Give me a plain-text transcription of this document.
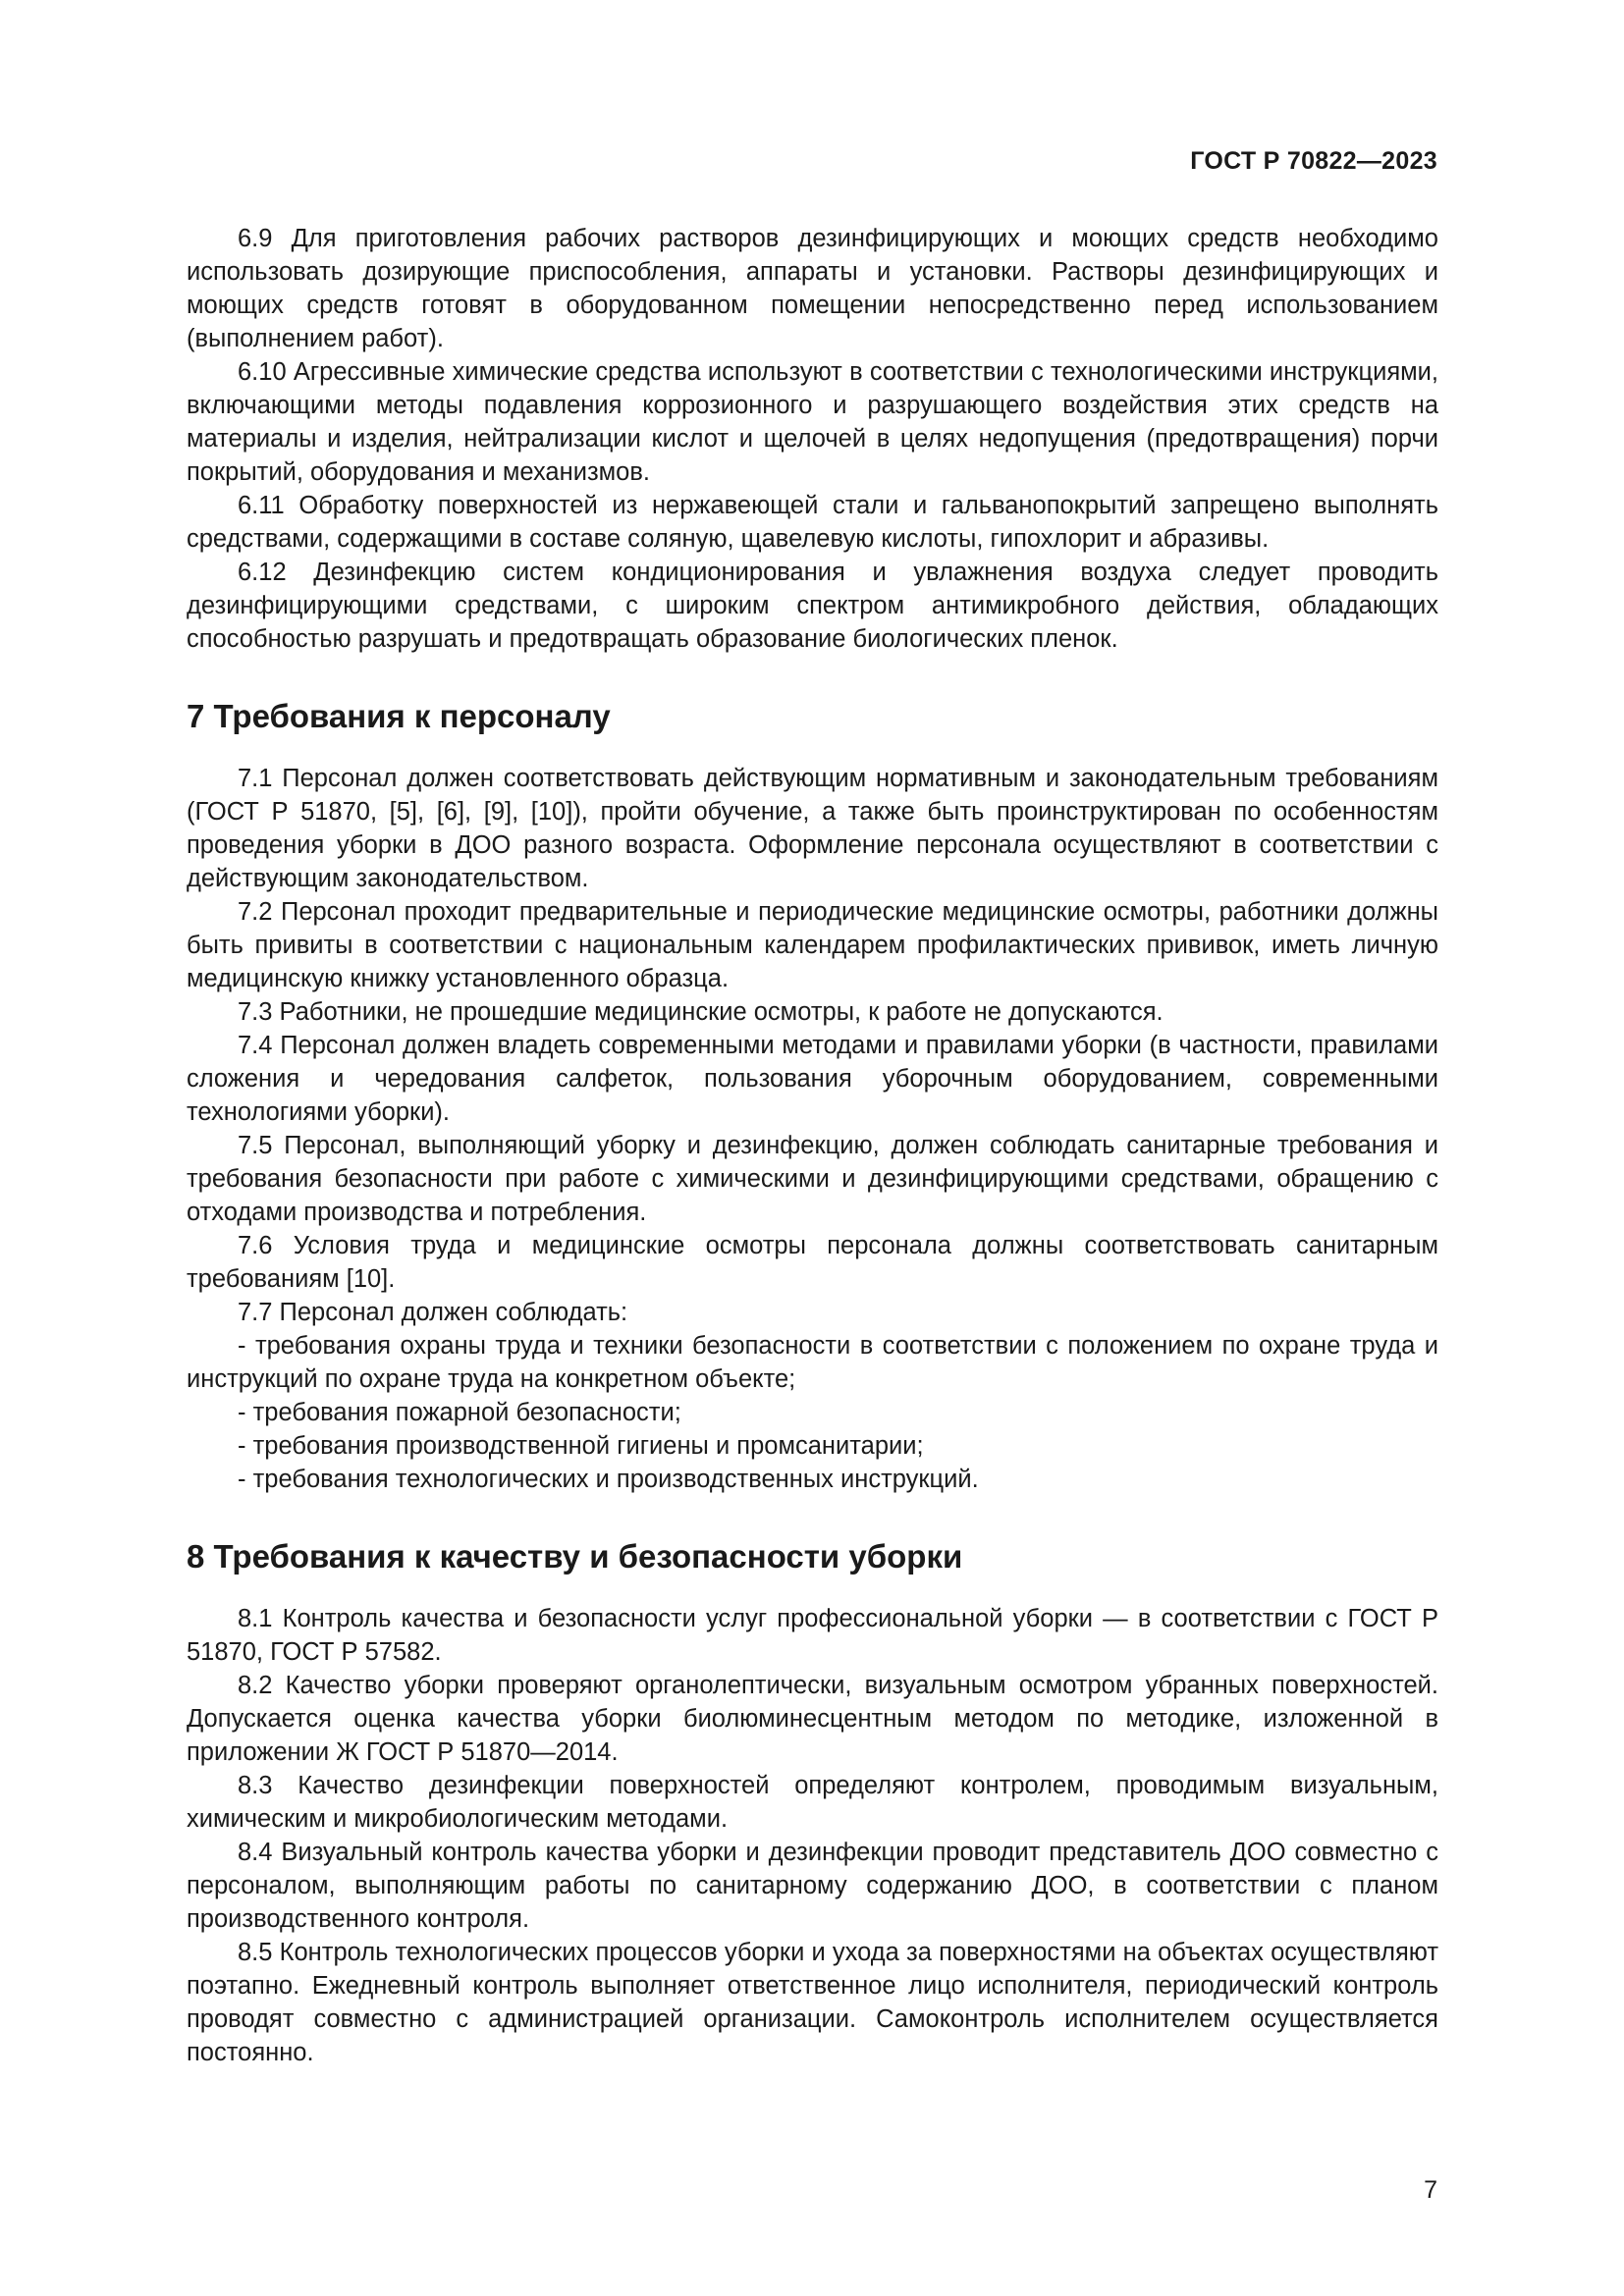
ГОСТ Р 70822—2023

6.9 Для приготовления рабочих растворов дезинфицирующих и моющих средств необходимо использовать дозирующие приспособления, аппараты и установки. Растворы дезинфицирующих и моющих средств готовят в оборудованном помещении непосредственно перед использованием (выполнением работ).

6.10 Агрессивные химические средства используют в соответствии с технологическими инструкциями, включающими методы подавления коррозионного и разрушающего воздействия этих средств на материалы и изделия, нейтрализации кислот и щелочей в целях недопущения (предотвращения) порчи покрытий, оборудования и механизмов.

6.11 Обработку поверхностей из нержавеющей стали и гальванопокрытий запрещено выполнять средствами, содержащими в составе соляную, щавелевую кислоты, гипохлорит и абразивы.

6.12 Дезинфекцию систем кондиционирования и увлажнения воздуха следует проводить дезинфицирующими средствами, с широким спектром антимикробного действия, обладающих способностью разрушать и предотвращать образование биологических пленок.

7 Требования к персоналу

7.1 Персонал должен соответствовать действующим нормативным и законодательным требованиям (ГОСТ Р 51870, [5], [6], [9], [10]), пройти обучение, а также быть проинструктирован по особенностям проведения уборки в ДОО разного возраста. Оформление персонала осуществляют в соответствии с действующим законодательством.

7.2 Персонал проходит предварительные и периодические медицинские осмотры, работники должны быть привиты в соответствии с национальным календарем профилактических прививок, иметь личную медицинскую книжку установленного образца.

7.3 Работники, не прошедшие медицинские осмотры, к работе не допускаются.

7.4 Персонал должен владеть современными методами и правилами уборки (в частности, правилами сложения и чередования салфеток, пользования уборочным оборудованием, современными технологиями уборки).

7.5 Персонал, выполняющий уборку и дезинфекцию, должен соблюдать санитарные требования и требования безопасности при работе с химическими и дезинфицирующими средствами, обращению с отходами производства и потребления.

7.6 Условия труда и медицинские осмотры персонала должны соответствовать санитарным требованиям [10].

7.7 Персонал должен соблюдать:

- требования охраны труда и техники безопасности в соответствии с положением по охране труда и инструкций по охране труда на конкретном объекте;

- требования пожарной безопасности;

- требования производственной гигиены и промсанитарии;

- требования технологических и производственных инструкций.

8 Требования к качеству и безопасности уборки

8.1 Контроль качества и безопасности услуг профессиональной уборки — в соответствии с ГОСТ Р 51870, ГОСТ Р 57582.

8.2 Качество уборки проверяют органолептически, визуальным осмотром убранных поверхностей. Допускается оценка качества уборки биолюминесцентным методом по методике, изложенной в приложении Ж ГОСТ Р 51870—2014.

8.3 Качество дезинфекции поверхностей определяют контролем, проводимым визуальным, химическим и микробиологическим методами.

8.4 Визуальный контроль качества уборки и дезинфекции проводит представитель ДОО совместно с персоналом, выполняющим работы по санитарному содержанию ДОО, в соответствии с планом производственного контроля.

8.5 Контроль технологических процессов уборки и ухода за поверхностями на объектах осуществляют поэтапно. Ежедневный контроль выполняет ответственное лицо исполнителя, периодический контроль проводят совместно с администрацией организации. Самоконтроль исполнителем осуществляется постоянно.

7
